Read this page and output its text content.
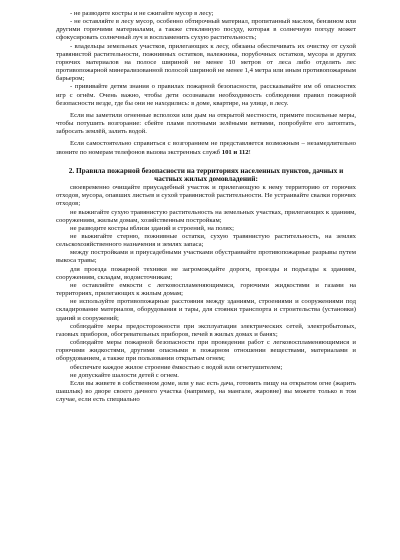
- не разводите костры и не сжигайте мусор в лесу;

- не оставляйте в лесу мусор, особенно обтирочный материал, пропитанный маслом, бензином или другими горючими материалами, а также стеклянную посуду, которая в солнечную погоду может сфокусировать солнечный луч и воспламенить сухую растительность;

- владельцы земельных участков, прилегающих к лесу, обязаны обеспечивать их очистку от сухой травянистой растительности, пожнивных остатков, валежника, порубочных остатков, мусора и других горючих материалов на полосе шириной не менее 10 метров от леса либо отделять лес противопожарной минерализованной полосой шириной не менее 1,4 метра или иным противопожарным барьером;

- прививайте детям знания о правилах пожарной безопасности, рассказывайте им об опасностях игр с огнём. Очень важно, чтобы дети осознавали необходимость соблюдения правил пожарной безопасности везде, где бы они не находились: в доме, квартире, на улице, в лесу.

Если вы заметили огненные всполохи или дым на открытой местности, примите посильные меры, чтобы потушить возгорание: сбейте пламя плотными зелёными ветвями, попробуйте его затоптать, забросать землёй, залить водой.

Если самостоятельно справиться с возгоранием не представляется возможным – незамедлительно звоните по номерам телефонов вызова экстренных служб 101 и 112!

2. Правила пожарной безопасности на территориях населенных пунктов, дачных и частных жилых домовладений:

своевременно очищайте приусадебный участок и прилегающую к нему территорию от горючих отходов, мусора, опавших листьев и сухой травянистой растительности. Не устраивайте свалки горючих отходов;

не выжигайте сухую травянистую растительность на земельных участках, прилегающих к зданиям, сооружениям, жилым домам, хозяйственным постройкам;

не разводите костры вблизи зданий и строений, на полях;

не выжигайте стерню, пожнивные остатки, сухую травянистую растительность, на землях сельскохозяйственного назначения и землях запаса;

между постройками и приусадебными участками обустраивайте противопожарные разрывы путем выкоса травы;

для проезда пожарной техники не загромождайте дороги, проезды и подъезды к зданиям, сооружениям, складам, водоисточникам;

не оставляйте емкости с легковоспламеняющимися, горючими жидкостями и газами на территориях, прилегающих к жилым домам;

не используйте противопожарные расстояния между зданиями, строениями и сооружениями под складирование материалов, оборудования и тары, для стоянки транспорта и строительства (установки) зданий и сооружений;

соблюдайте меры предосторожности при эксплуатации электрических сетей, электробытовых, газовых приборов, обогревательных приборов, печей в жилых домах и банях;

соблюдайте меры пожарной безопасности при проведении работ с легковоспламеняющимися и горючими жидкостями, другими опасными в пожарном отношении веществами, материалами и оборудованием, а также при пользовании открытым огнем;

обеспечьте каждое жилое строение ёмкостью с водой или огнетушителем;

не допускайте шалости детей с огнем.

Если вы живете в собственном доме, или у вас есть дача, готовить пищу на открытом огне (жарить шашлык) во дворе своего дачного участка (например, на мангале, жаровне) вы можете только в том случае, если есть специально
